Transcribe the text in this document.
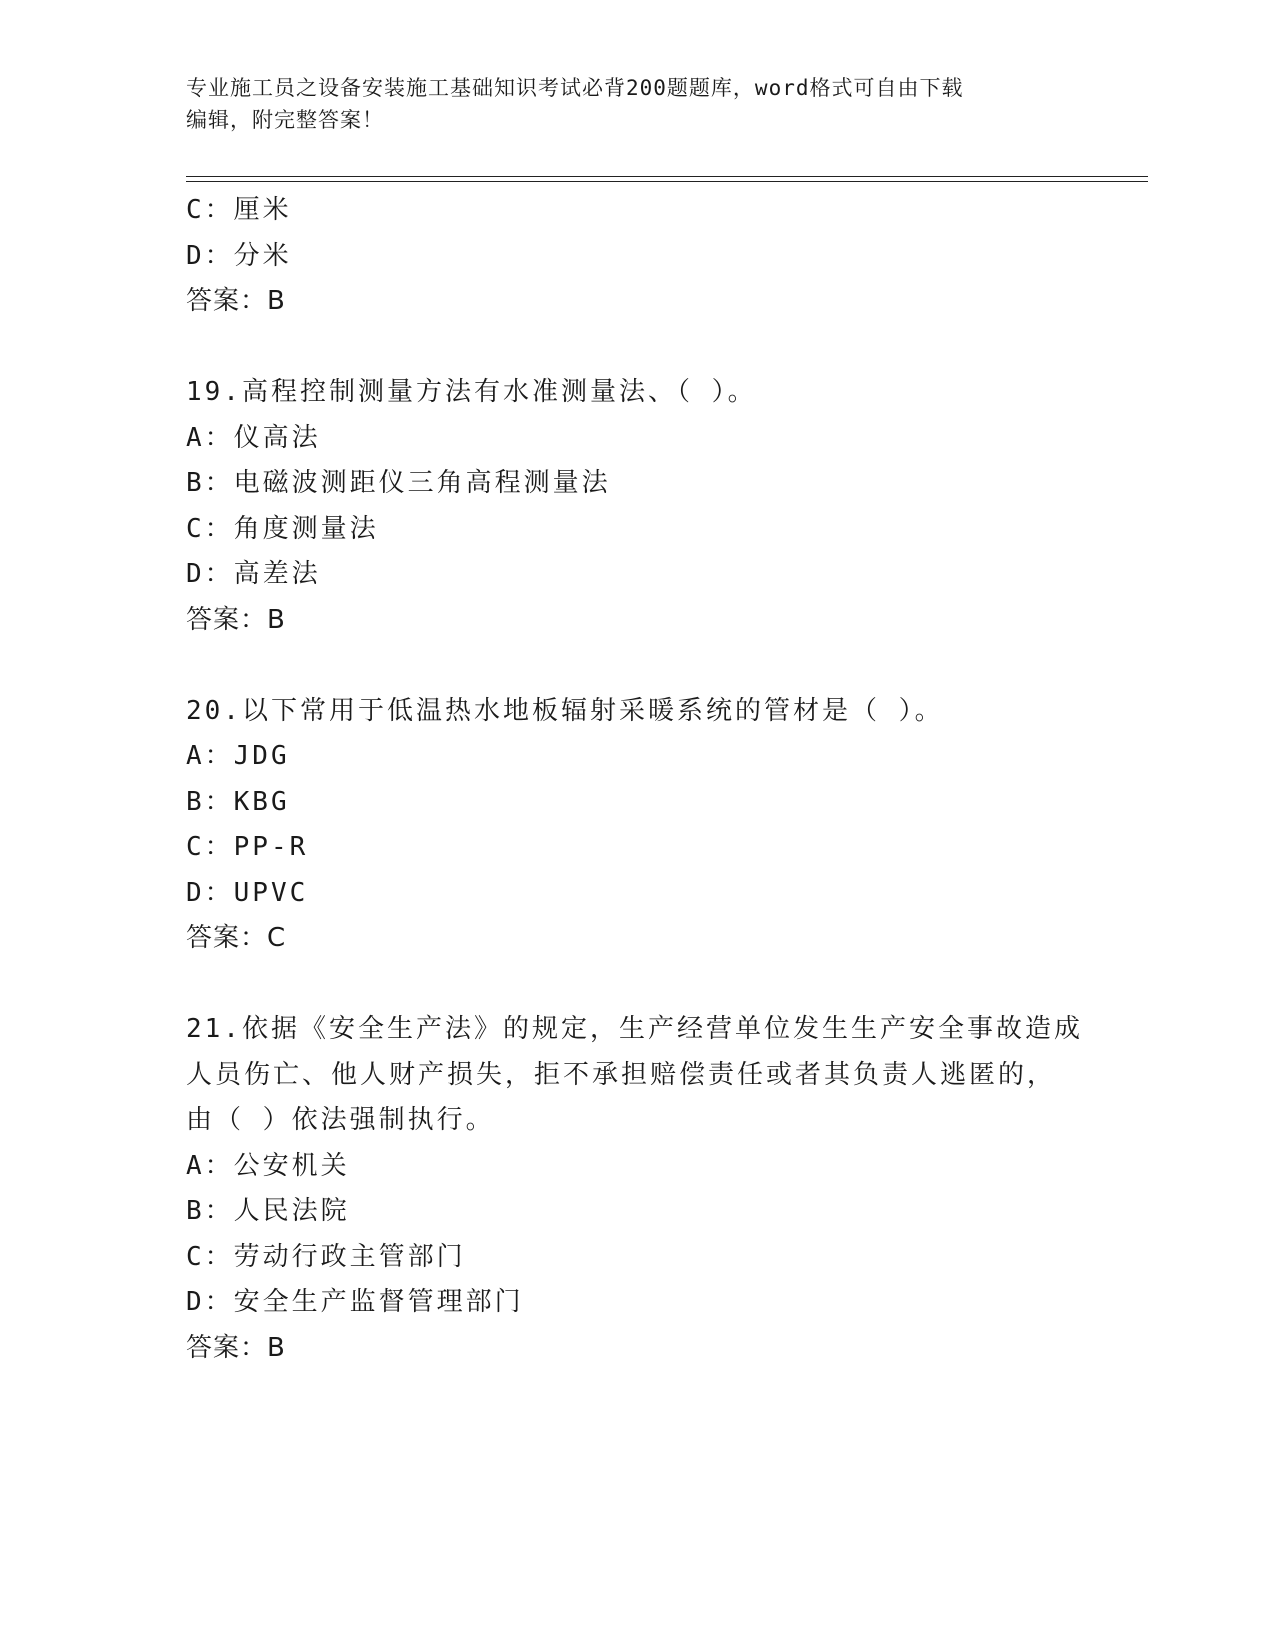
专业施工员之设备安装施工基础知识考试必背200题题库，word格式可自由下载
编辑，附完整答案！
C：厘米
D：分米
答案：B
19.高程控制测量方法有水准测量法、（ ）。
A：仪高法
B：电磁波测距仪三角高程测量法
C：角度测量法
D：高差法
答案：B
20.以下常用于低温热水地板辐射采暖系统的管材是（ ）。
A：JDG
B：KBG
C：PP-R
D：UPVC
答案：C
21.依据《安全生产法》的规定，生产经营单位发生生产安全事故造成
人员伤亡、他人财产损失，拒不承担赔偿责任或者其负责人逃匿的，
由（ ）依法强制执行。
A：公安机关
B：人民法院
C：劳动行政主管部门
D：安全生产监督管理部门
答案：B
